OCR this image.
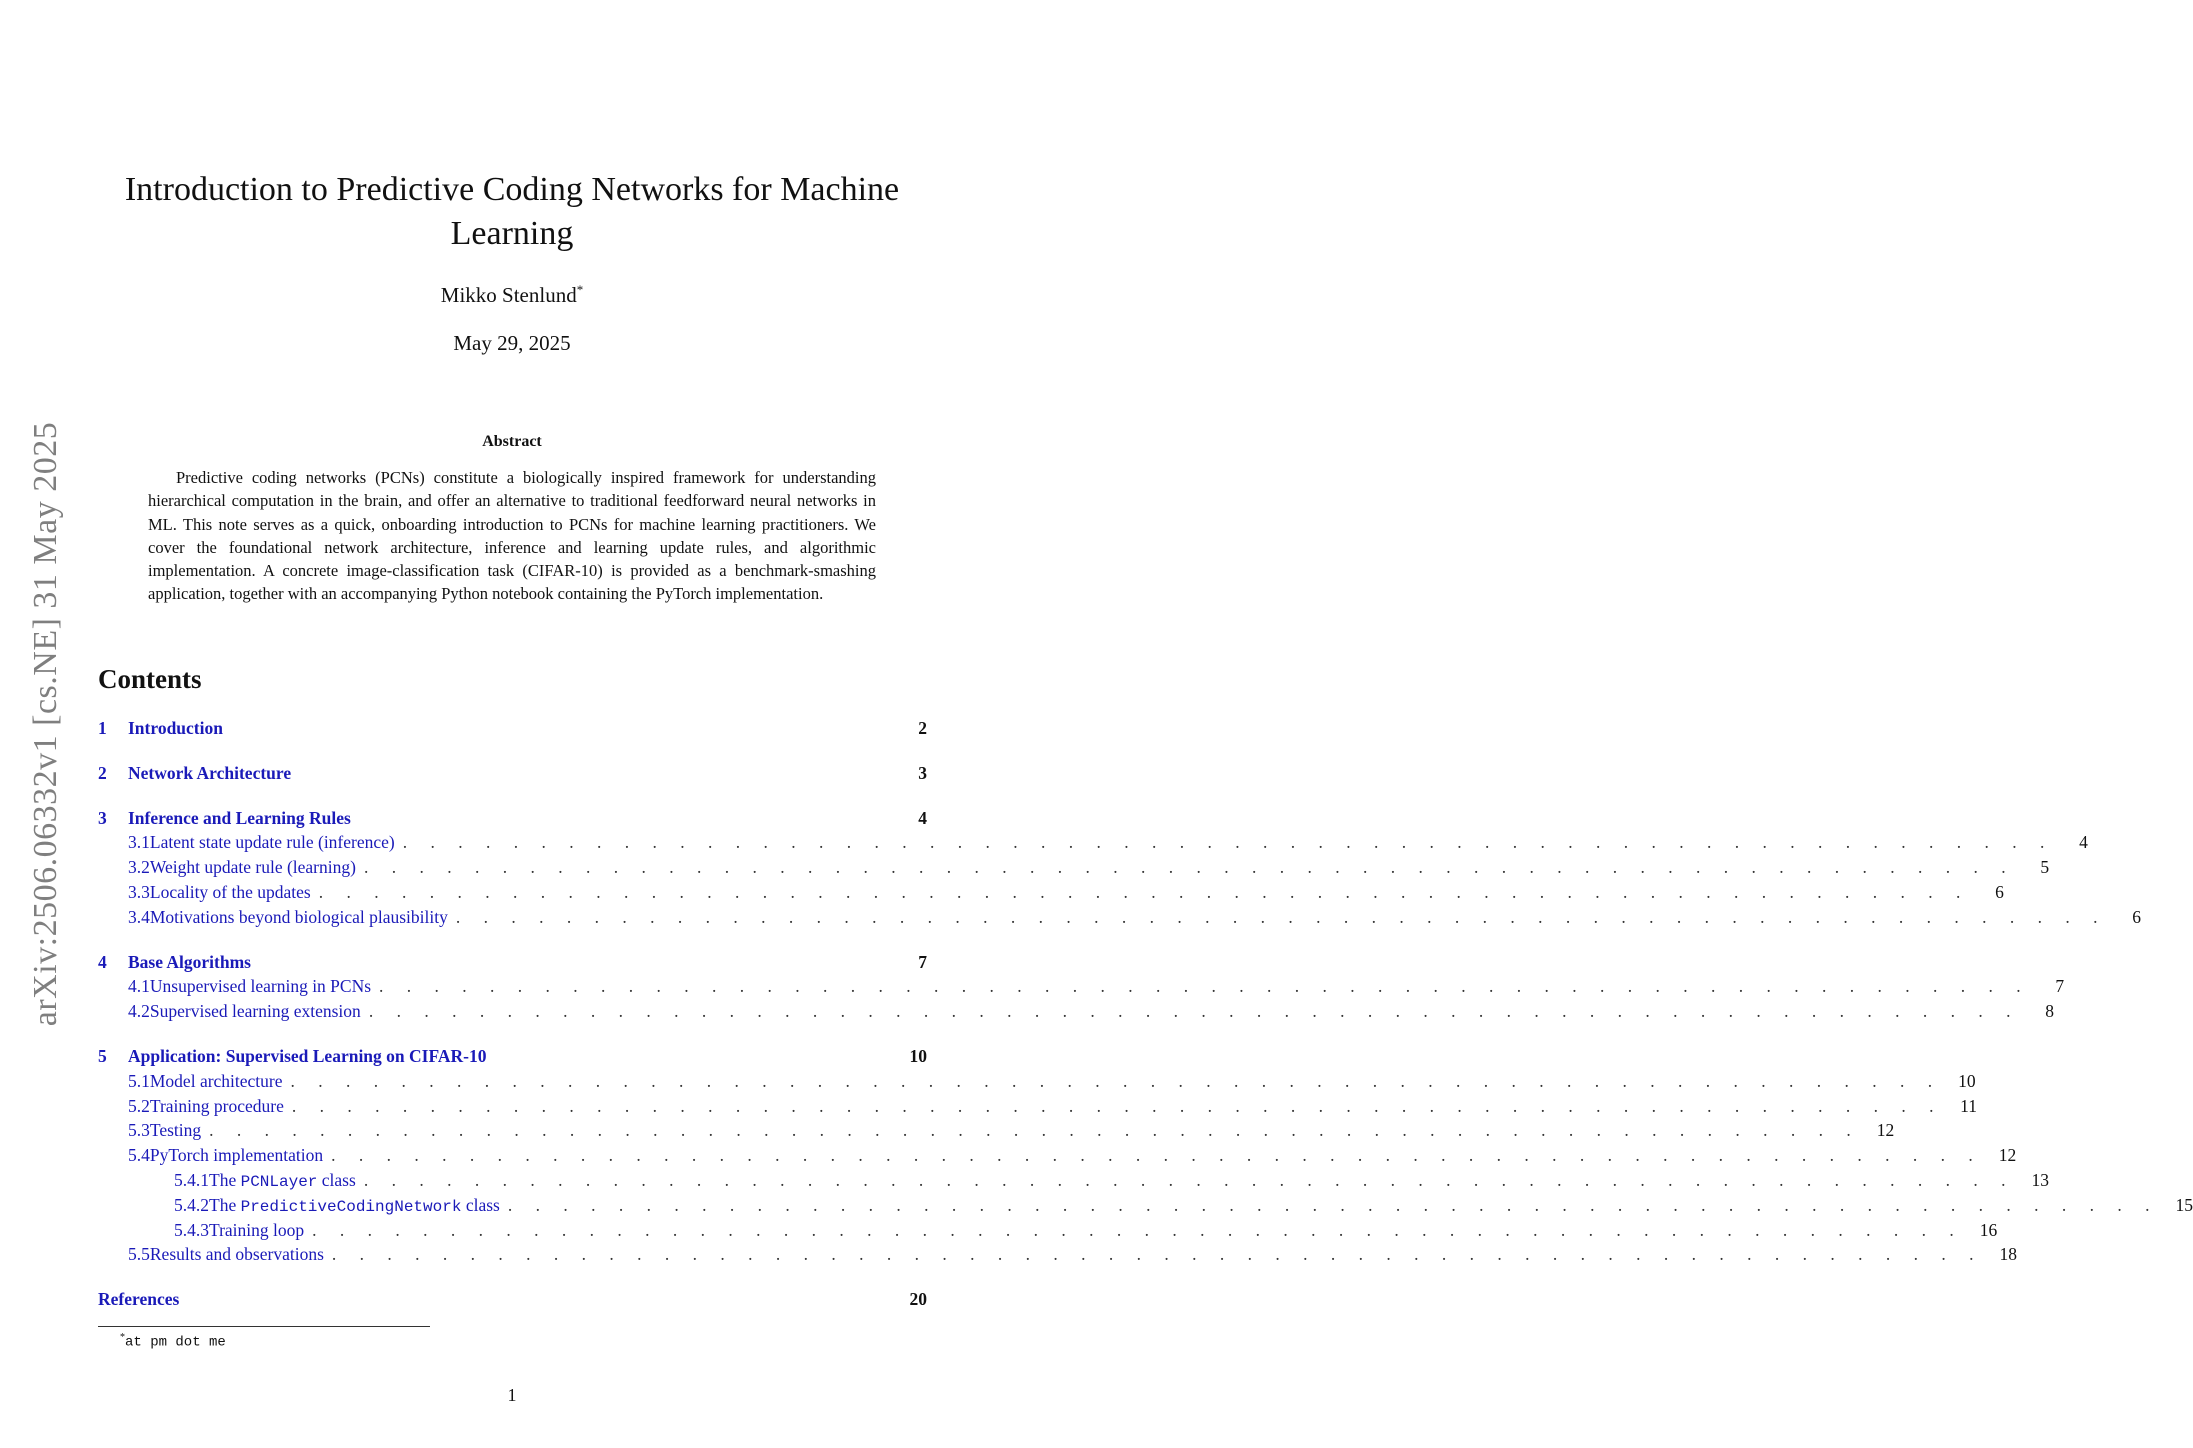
arXiv:2506.06332v1 [cs.NE] 31 May 2025
Introduction to Predictive Coding Networks for Machine Learning
Mikko Stenlund*
May 29, 2025
Abstract

Predictive coding networks (PCNs) constitute a biologically inspired framework for understanding hierarchical computation in the brain, and offer an alternative to traditional feedforward neural networks in ML. This note serves as a quick, onboarding introduction to PCNs for machine learning practitioners. We cover the foundational network architecture, inference and learning update rules, and algorithmic implementation. A concrete image-classification task (CIFAR-10) is provided as a benchmark-smashing application, together with an accompanying Python notebook containing the PyTorch implementation.

Contents
1	Introduction	2
2	Network Architecture	3
3	Inference and Learning Rules	4
3.1 Latent state update rule (inference) . . . . . . . . . . . . . . . . . . . . . . . . . . . . . . . . . . . . . . . . . . . . . . . . . . . . . . . . . . . .	4
3.2 Weight update rule (learning) . . . . . . . . . . . . . . . . . . . . . . . . . . . . . . . . . . . . . . . . . . . . . . . . . . . . . . . . . . . .	5
3.3 Locality of the updates . . . . . . . . . . . . . . . . . . . . . . . . . . . . . . . . . . . . . . . . . . . . . . . . . . . . . . . . . . . .	6
3.4 Motivations beyond biological plausibility . . . . . . . . . . . . . . . . . . . . . . . . . . . . . . . . . . . . . . . . . . . . . . . . . . . . . . . . . . . .	6
4	Base Algorithms	7
4.1 Unsupervised learning in PCNs . . . . . . . . . . . . . . . . . . . . . . . . . . . . . . . . . . . . . . . . . . . . . . . . . . . . . . . . . . . .	7
4.2 Supervised learning extension . . . . . . . . . . . . . . . . . . . . . . . . . . . . . . . . . . . . . . . . . . . . . . . . . . . . . . . . . . . .	8
5	Application: Supervised Learning on CIFAR-10	10
5.1 Model architecture . . . . . . . . . . . . . . . . . . . . . . . . . . . . . . . . . . . . . . . . . . . . . . . . . . . . . . . . . . . . 10
5.2 Training procedure . . . . . . . . . . . . . . . . . . . . . . . . . . . . . . . . . . . . . . . . . . . . . . . . . . . . . . . . . . . . 11
5.3 Testing . . . . . . . . . . . . . . . . . . . . . . . . . . . . . . . . . . . . . . . . . . . . . . . . . . . . . . . . . . . . 12
5.4 PyTorch implementation . . . . . . . . . . . . . . . . . . . . . . . . . . . . . . . . . . . . . . . . . . . . . . . . . . . . . . . . . . . . 12
5.4.1 The PCNLayer class . . . . . . . . . . . . . . . . . . . . . . . . . . . . . . . . . . . . . . . . . . . . . . . . . . . . . . . . . . . . 13
5.4.2 The PredictiveCodingNetwork class . . . . . . . . . . . . . . . . . . . . . . . . . . . . . . . . . . . . . . . . . . . . . . . . . . . . . . . . . . . . 15
5.4.3 Training loop . . . . . . . . . . . . . . . . . . . . . . . . . . . . . . . . . . . . . . . . . . . . . . . . . . . . . . . . . . . . 16
5.5 Results and observations . . . . . . . . . . . . . . . . . . . . . . . . . . . . . . . . . . . . . . . . . . . . . . . . . . . . . . . . . . . . 18
References	20
*at pm dot me
1
